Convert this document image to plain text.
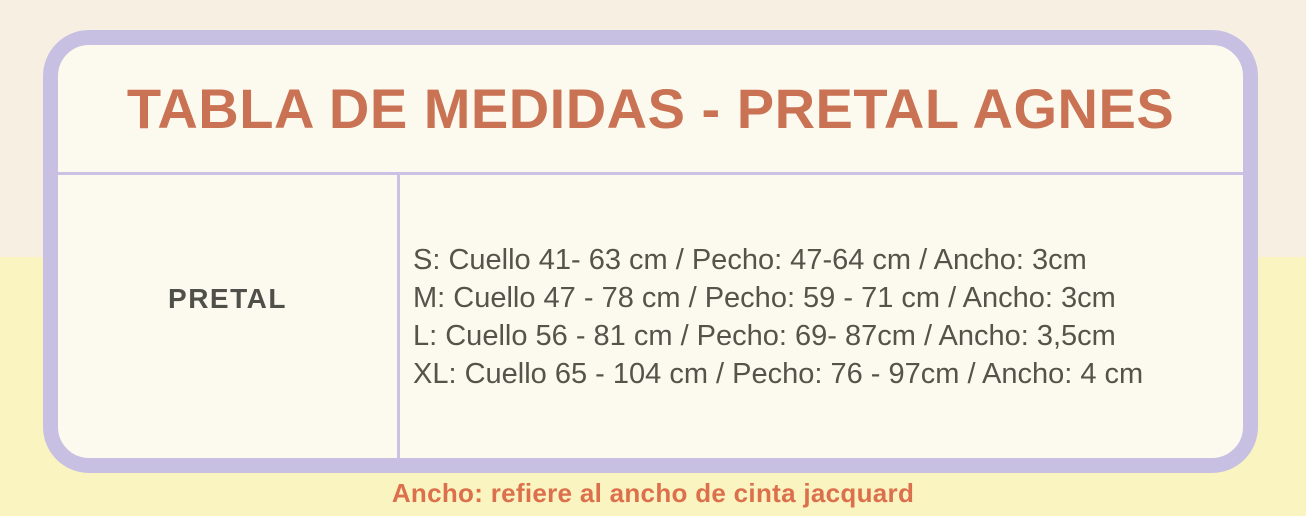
TABLA DE MEDIDAS - PRETAL AGNES
PRETAL
S: Cuello 41- 63 cm / Pecho: 47-64 cm / Ancho: 3cm
M: Cuello 47 - 78 cm / Pecho: 59 - 71 cm / Ancho: 3cm
L: Cuello 56 - 81 cm / Pecho: 69- 87cm / Ancho: 3,5cm
XL: Cuello 65 - 104 cm / Pecho: 76 - 97cm / Ancho: 4 cm
Ancho: refiere al ancho de cinta jacquard
